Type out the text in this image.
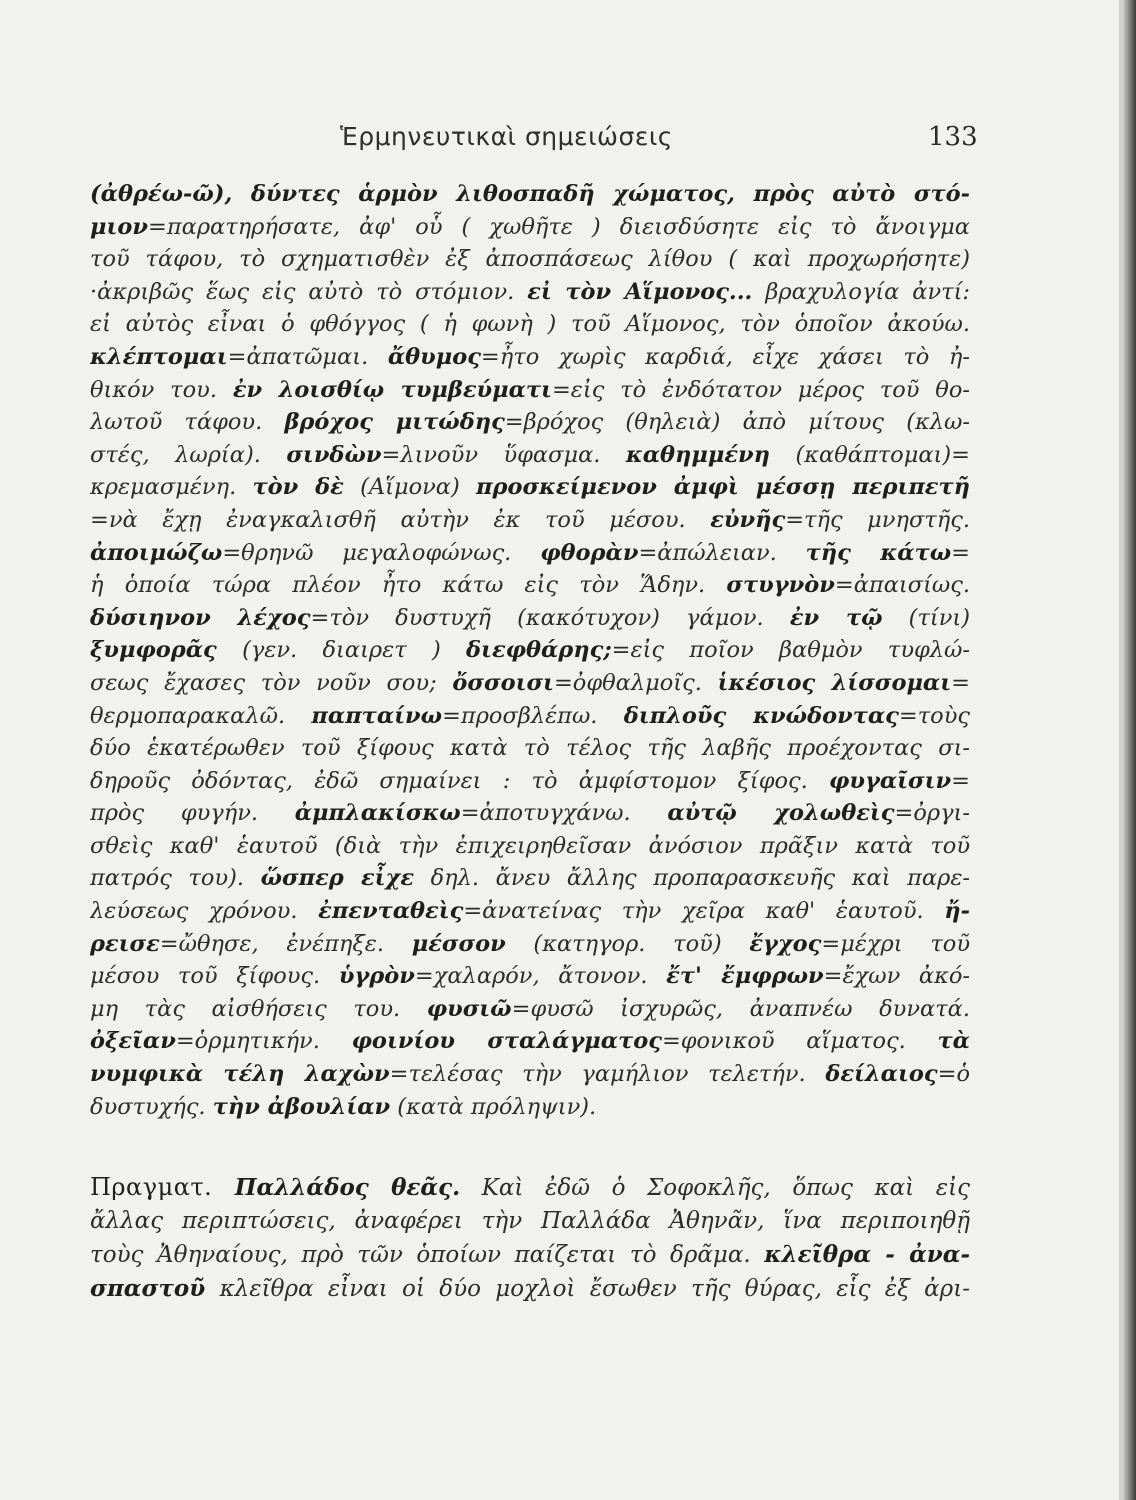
Ἑρμηνευτικαὶ σημειώσεις	133
(ἀθρέω-ῶ), δύντες ἁρμὸν λιθοσπαδῆ χώματος, πρὸς αὐτὸ στό-
μιον=παρατηρήσατε, ἀφ' οὗ ( χωθῆτε ) διεισδύσητε εἰς τὸ ἄνοιγμα
τοῦ τάφου, τὸ σχηματισθὲν ἐξ ἀποσπάσεως λίθου ( καὶ προχωρήσητε)
·ἀκριβῶς ἕως εἰς αὐτὸ τὸ στόμιον. εἰ τὸν Αἵμονος... βραχυλογία ἀντί:
εἰ αὐτὸς εἶναι ὁ φθόγγος ( ἡ φωνὴ ) τοῦ Αἵμονος, τὸν ὁποῖον ἀκούω.
κλέπτομαι=ἀπατῶμαι. ἄθυμος=ἦτο χωρὶς καρδιά, εἶχε χάσει τὸ ἠ-
θικόν του. ἐν λοισθίῳ τυμβεύματι=εἰς τὸ ἐνδότατον μέρος τοῦ θο-
λωτοῦ τάφου. βρόχος μιτώδης=βρόχος (θηλειὰ) ἀπὸ μίτους (κλω-
στές, λωρία). σινδὼν=λινοῦν ὕφασμα. καθημμένη (καθάπτομαι)=
κρεμασμένη. τὸν δὲ (Αἵμονα) προσκείμενον ἀμφὶ μέσσῃ περιπετῆ
=νὰ ἔχῃ ἐναγκαλισθῆ αὐτὴν ἐκ τοῦ μέσου. εὐνῆς=τῆς μνηστῆς.
ἀποιμώζω=θρηνῶ μεγαλοφώνως. φθορὰν=ἀπώλειαν. τῆς κάτω=
ἡ ὁποία τώρα πλέον ἦτο κάτω εἰς τὸν Ἅδην. στυγνὸν=ἀπαισίως.
δύσιηνον λέχος=τὸν δυστυχῆ (κακότυχον) γάμον. ἐν τῷ (τίνι)
ξυμφορᾶς (γεν. διαιρετ ) διεφθάρης;=εἰς ποῖον βαθμὸν τυφλώ-
σεως ἔχασες τὸν νοῦν σου; ὄσσοισι=ὀφθαλμοῖς. ἱκέσιος λίσσομαι=
θερμοπαρακαλῶ. παπταίνω=προσβλέπω. διπλοῦς κνώδοντας=τοὺς
δύο ἑκατέρωθεν τοῦ ξίφους κατὰ τὸ τέλος τῆς λαβῆς προέχοντας σι-
δηροῦς ὀδόντας, ἐδῶ σημαίνει : τὸ ἀμφίστομον ξίφος. φυγαῖσιν=
πρὸς φυγήν. ἀμπλακίσκω=ἀποτυγχάνω. αὐτῷ χολωθεὶς=ὀργι-
σθεὶς καθ' ἑαυτοῦ (διὰ τὴν ἐπιχειρηθεῖσαν ἀνόσιον πρᾶξιν κατὰ τοῦ
πατρός του). ὥσπερ εἶχε δηλ. ἄνευ ἄλλης προπαρασκευῆς καὶ παρε-
λεύσεως χρόνου. ἐπενταθεὶς=ἀνατείνας τὴν χεῖρα καθ' ἑαυτοῦ. ἤ-
ρεισε=ὤθησε, ἐνέπηξε. μέσσον (κατηγορ. τοῦ) ἔγχος=μέχρι τοῦ
μέσου τοῦ ξίφους. ὑγρὸν=χαλαρόν, ἄτονον. ἔτ' ἔμφρων=ἔχων ἀκό-
μη τὰς αἰσθήσεις του. φυσιῶ=φυσῶ ἰσχυρῶς, ἀναπνέω δυνατά.
ὀξεῖαν=ὁρμητικήν. φοινίου σταλάγματος=φονικοῦ αἵματος. τὰ
νυμφικὰ τέλη λαχὼν=τελέσας τὴν γαμήλιον τελετήν. δείλαιος=ὁ
δυστυχής. τὴν ἀβουλίαν (κατὰ πρόληψιν).
Πραγματ. Παλλάδος θεᾶς. Καὶ ἐδῶ ὁ Σοφοκλῆς, ὅπως καὶ εἰς
ἄλλας περιπτώσεις, ἀναφέρει τὴν Παλλάδα Ἀθηνᾶν, ἵνα περιποιηθῇ
τοὺς Ἀθηναίους, πρὸ τῶν ὁποίων παίζεται τὸ δρᾶμα. κλεῖθρα - ἀνα-
σπαστοῦ κλεῖθρα εἶναι οἱ δύο μοχλοὶ ἔσωθεν τῆς θύρας, εἷς ἐξ ἀρι-
